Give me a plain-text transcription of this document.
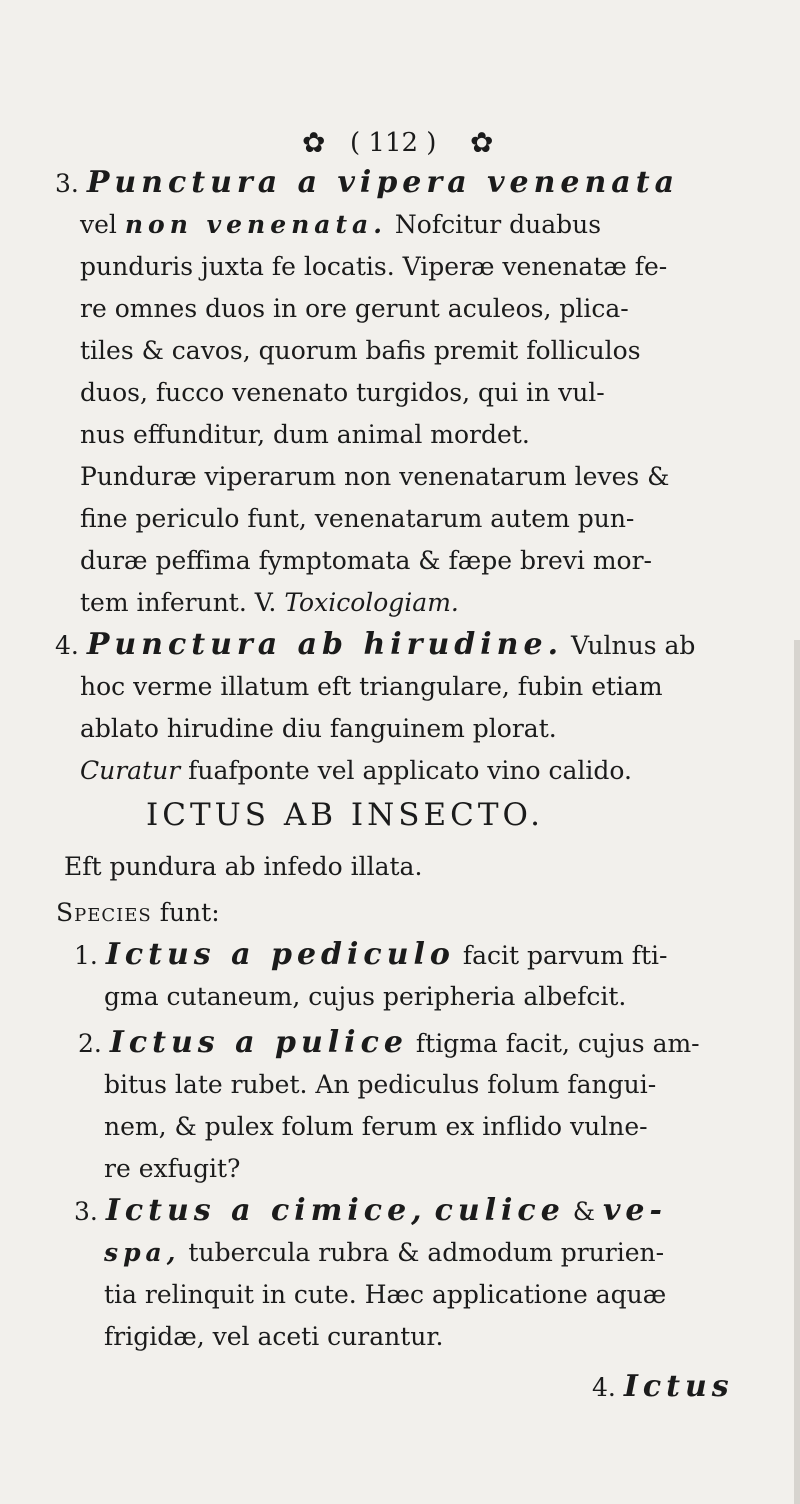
✿ ( 112 ) ✿
3. Punctura a vipera venenata
vel non venenata. Nofcitur duabus
punduris juxta fe locatis. Viperæ venenatæ fe-
re omnes duos in ore gerunt aculeos, plica-
tiles & cavos, quorum bafis premit folliculos
duos, fucco venenato turgidos, qui in vul-
nus effunditur, dum animal mordet.
Punduræ viperarum non venenatarum leves &
fine periculo funt, venenatarum autem pun-
duræ peffima fymptomata & fæpe brevi mor-
tem inferunt. V. Toxicologiam.
4. Punctura ab hirudine. Vulnus ab
hoc verme illatum eft triangulare, fubin etiam
ablato hirudine diu fanguinem plorat.
Curatur fuafponte vel applicato vino calido.
ICTUS AB INSECTO.
Eft pundura ab infedo illata.
Species funt:
1. Ictus a pediculo facit parvum fti-
gma cutaneum, cujus peripheria albefcit.
2. Ictus a pulice ftigma facit, cujus am-
bitus late rubet. An pediculus folum fangui-
nem, & pulex folum ferum ex inflido vulne-
re exfugit?
3. Ictus a cimice, culice & ve-
spa, tubercula rubra & admodum prurien-
tia relinquit in cute. Hæc applicatione aquæ
frigidæ, vel aceti curantur.
4. Ictus
